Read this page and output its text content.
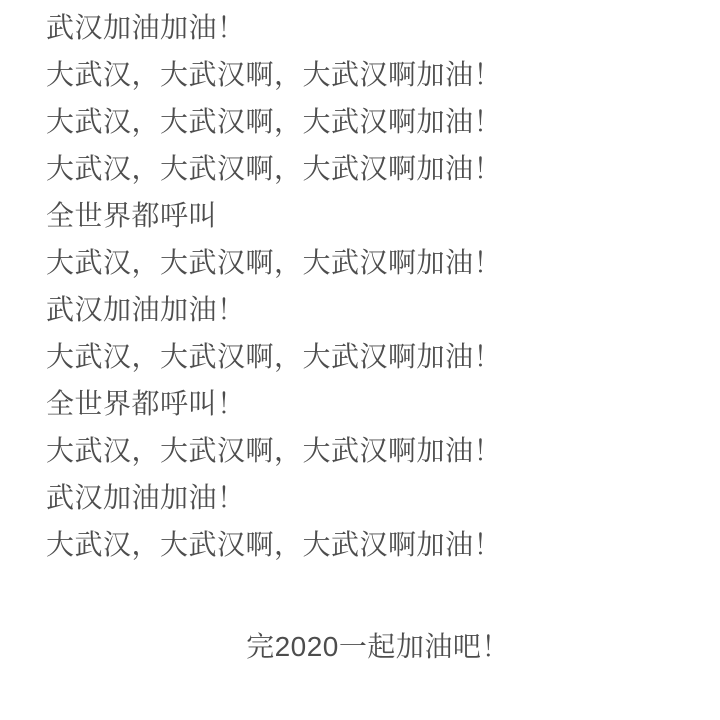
武汉加油加油！
大武汉，大武汉啊，大武汉啊加油！
大武汉，大武汉啊，大武汉啊加油！
大武汉，大武汉啊，大武汉啊加油！
全世界都呼叫
大武汉，大武汉啊，大武汉啊加油！
武汉加油加油！
大武汉，大武汉啊，大武汉啊加油！
全世界都呼叫！
大武汉，大武汉啊，大武汉啊加油！
武汉加油加油！
大武汉，大武汉啊，大武汉啊加油！
完2020一起加油吧！
